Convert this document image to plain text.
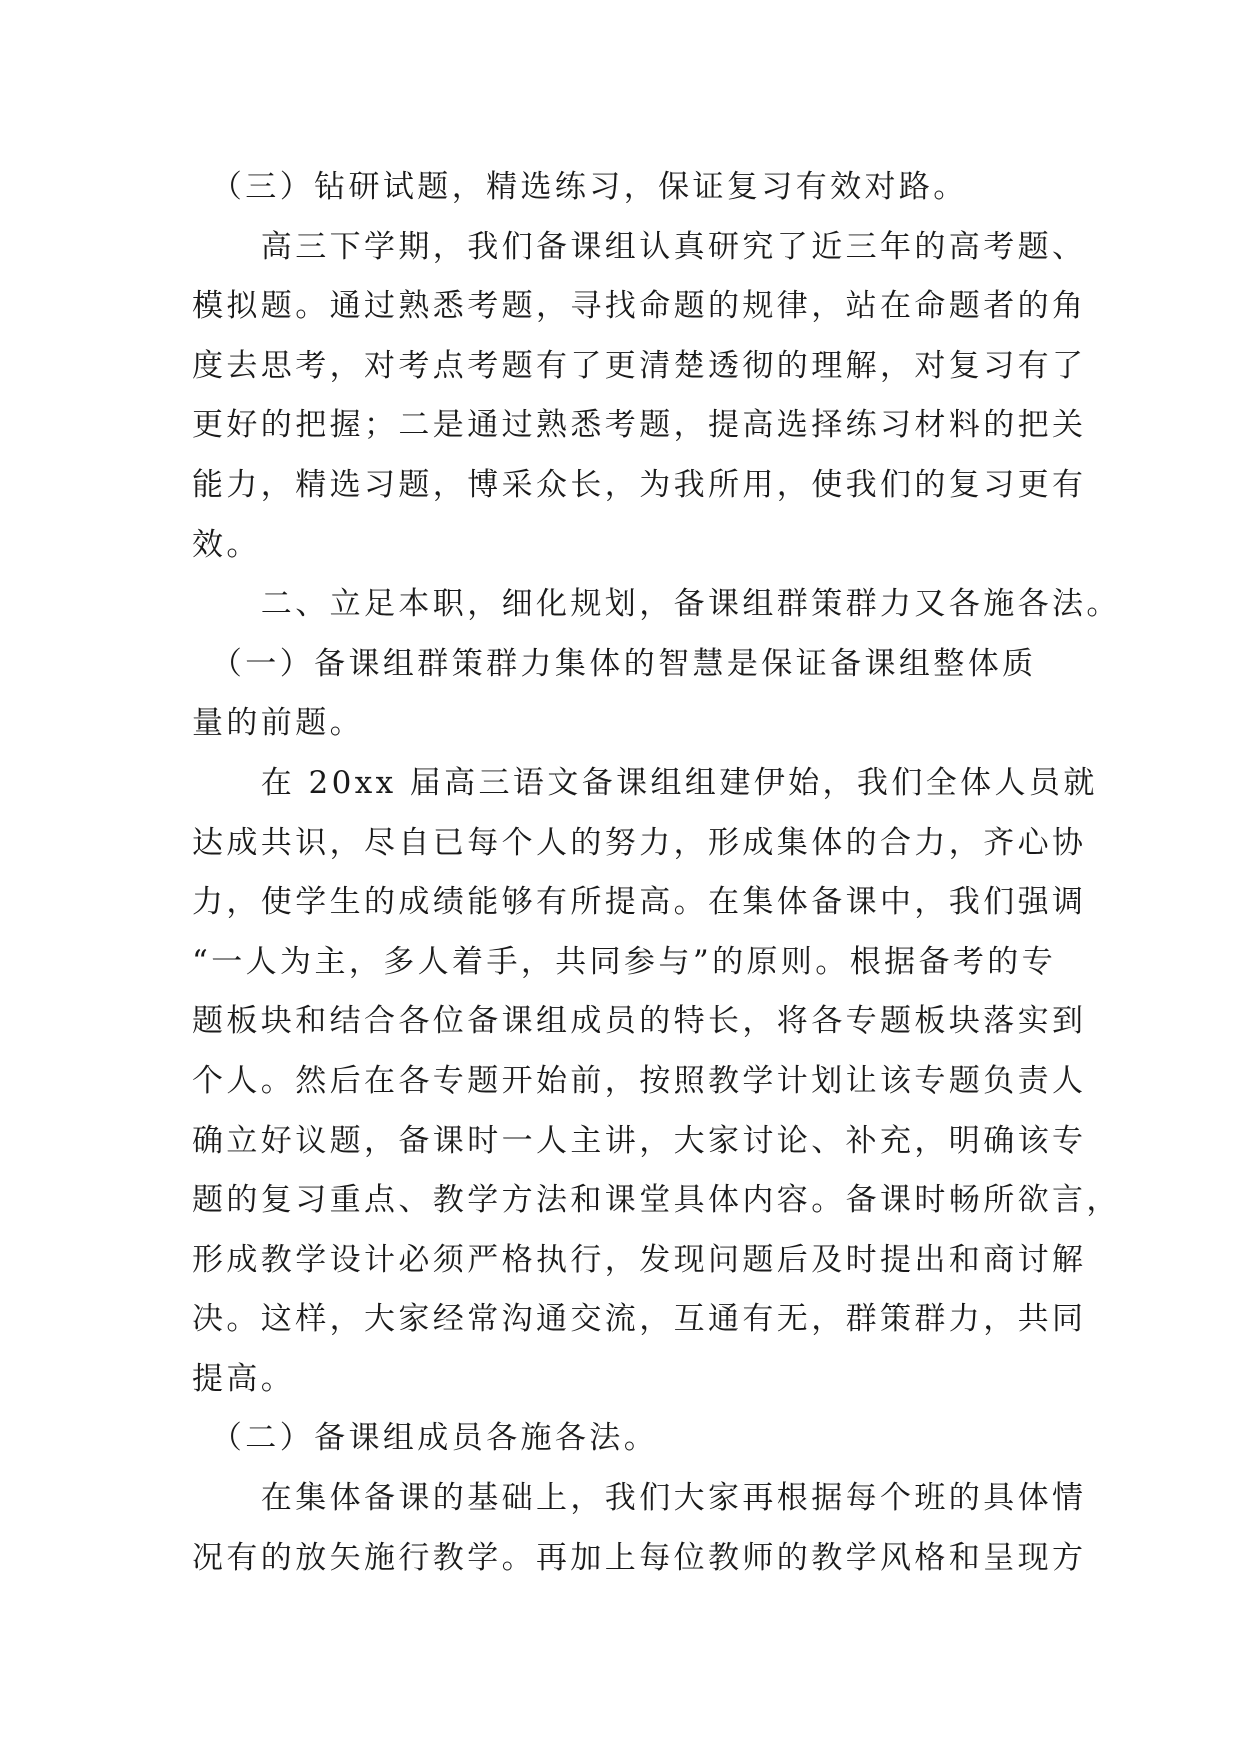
　（三）钻研试题，精选练习，保证复习有效对路。
　　高三下学期，我们备课组认真研究了近三年的高考题、
模拟题。通过熟悉考题，寻找命题的规律，站在命题者的角
度去思考，对考点考题有了更清楚透彻的理解，对复习有了
更好的把握；二是通过熟悉考题，提高选择练习材料的把关
能力，精选习题，博采众长，为我所用，使我们的复习更有
效。
　　二、立足本职，细化规划，备课组群策群力又各施各法。
　（一）备课组群策群力集体的智慧是保证备课组整体质
量的前题。
　　在 20xx 届高三语文备课组组建伊始，我们全体人员就
达成共识，尽自已每个人的努力，形成集体的合力，齐心协
力，使学生的成绩能够有所提高。在集体备课中，我们强调
“一人为主，多人着手，共同参与”的原则。根据备考的专
题板块和结合各位备课组成员的特长，将各专题板块落实到
个人。然后在各专题开始前，按照教学计划让该专题负责人
确立好议题，备课时一人主讲，大家讨论、补充，明确该专
题的复习重点、教学方法和课堂具体内容。备课时畅所欲言，
形成教学设计必须严格执行，发现问题后及时提出和商讨解
决。这样，大家经常沟通交流，互通有无，群策群力，共同
提高。
　（二）备课组成员各施各法。
　　在集体备课的基础上，我们大家再根据每个班的具体情
况有的放矢施行教学。再加上每位教师的教学风格和呈现方
